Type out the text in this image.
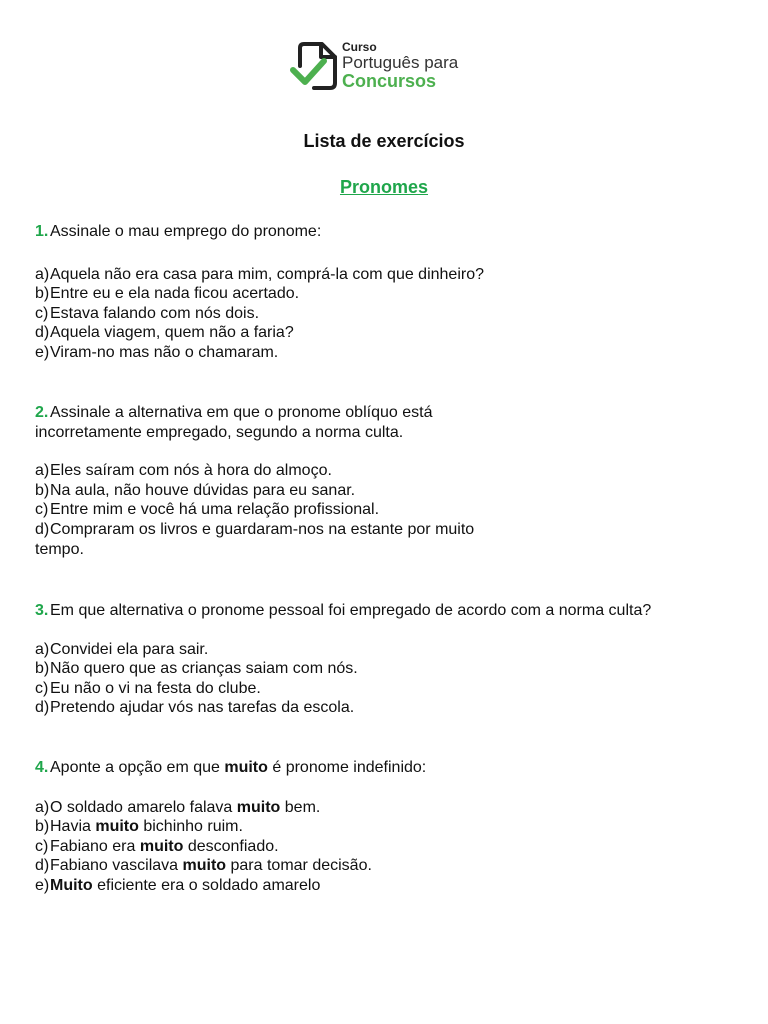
Curso
Português para
Concursos
Lista de exercícios
Pronomes

1. Assinale o mau emprego do pronome:

a)Aquela não era casa para mim, comprá-la com que dinheiro?
b)Entre eu e ela nada ficou acertado.
c) Estava falando com nós dois.
d)Aquela viagem, quem não a faria?
e)Viram-no mas não o chamaram.

2. Assinale a alternativa em que o pronome oblíquo está
incorretamente empregado, segundo a norma culta.

a)Eles saíram com nós à hora do almoço.
b)Na aula, não houve dúvidas para eu sanar.
c) Entre mim e você há uma relação profissional.
d)Compraram os livros e guardaram-nos na estante por muito
tempo.

3. Em que alternativa o pronome pessoal foi empregado de acordo com a norma culta?

a)Convidei ela para sair.
b)Não quero que as crianças saiam com nós.
c) Eu não o vi na festa do clube.
d)Pretendo ajudar vós nas tarefas da escola.

4. Aponte a opção em que muito é pronome indefinido:

a)O soldado amarelo falava muito bem.
b)Havia muito bichinho ruim.
c) Fabiano era muito desconfiado.
d)Fabiano vascilava muito para tomar decisão.
e)Muito eficiente era o soldado amarelo
